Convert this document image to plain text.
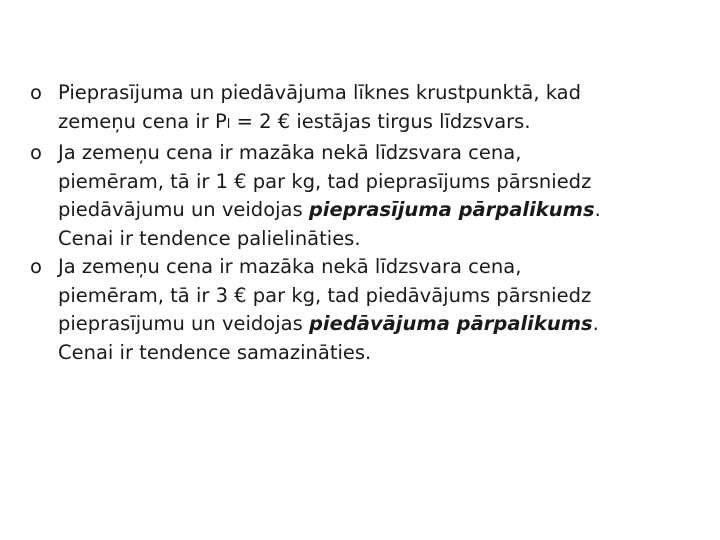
o Pieprasījuma un piedāvājuma līknes krustpunktā, kad
zemeņu cena ir Pl = 2 € iestājas tirgus līdzsvars.
o Ja zemeņu cena ir mazāka nekā līdzsvara cena,
piemēram, tā ir 1 € par kg, tad pieprasījums pārsniedz
piedāvājumu un veidojas pieprasījuma pārpalikums.
Cenai ir tendence palielināties.
o Ja zemeņu cena ir mazāka nekā līdzsvara cena,
piemēram, tā ir 3 € par kg, tad piedāvājums pārsniedz
pieprasījumu un veidojas piedāvājuma pārpalikums.
Cenai ir tendence samazināties.
